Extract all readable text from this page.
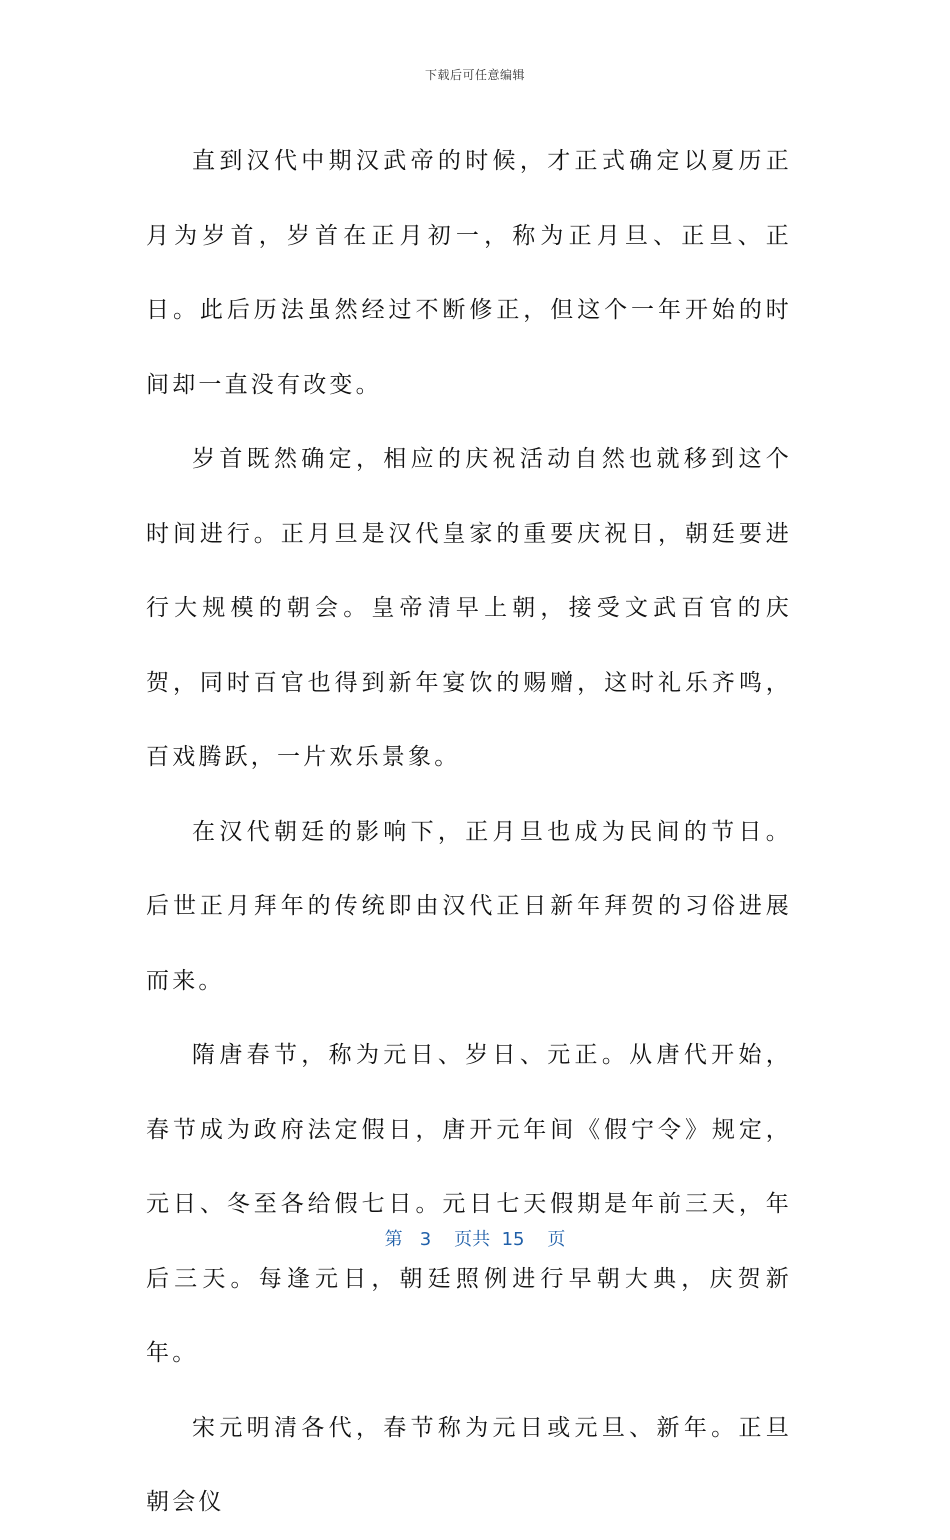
下载后可任意编辑

直到汉代中期汉武帝的时候，才正式确定以夏历正月为岁首，岁首在正月初一，称为正月旦、正旦、正日。此后历法虽然经过不断修正，但这个一年开始的时间却一直没有改变。

岁首既然确定，相应的庆祝活动自然也就移到这个时间进行。正月旦是汉代皇家的重要庆祝日，朝廷要进行大规模的朝会。皇帝清早上朝，接受文武百官的庆贺，同时百官也得到新年宴饮的赐赠，这时礼乐齐鸣，百戏腾跃，一片欢乐景象。

在汉代朝廷的影响下，正月旦也成为民间的节日。后世正月拜年的传统即由汉代正日新年拜贺的习俗进展而来。

隋唐春节，称为元日、岁日、元正。从唐代开始，春节成为政府法定假日，唐开元年间《假宁令》规定，元日、冬至各给假七日。元日七天假期是年前三天，年后三天。每逢元日，朝廷照例进行早朝大典，庆贺新年。

宋元明清各代，春节称为元日或元旦、新年。正旦朝会仪

第 3 页共 15 页
